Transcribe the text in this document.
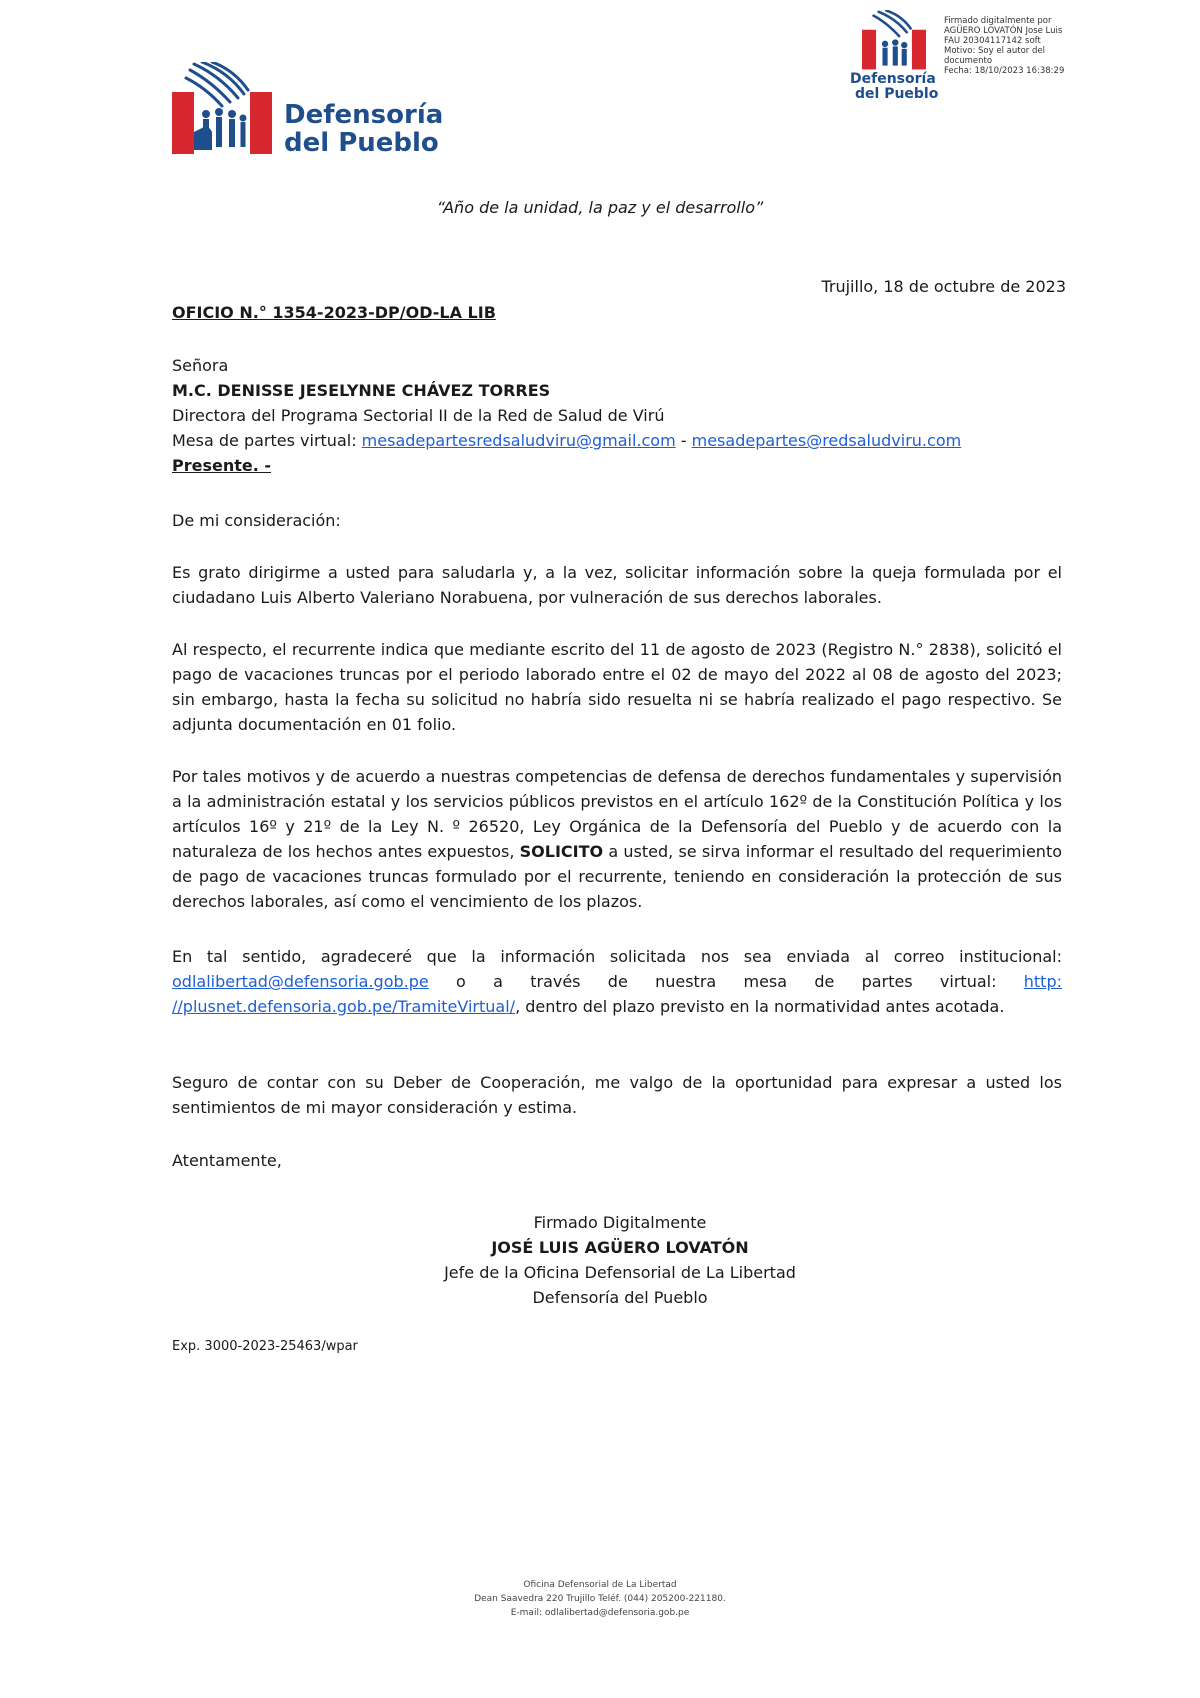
Defensoría
del Pueblo
Defensoría
del Pueblo
Firmado digitalmente por
AGÜERO LOVATÓN Jose Luis
FAU 20304117142 soft
Motivo: Soy el autor del
documento
Fecha: 18/10/2023 16:38:29
“Año de la unidad, la paz y el desarrollo”
Trujillo, 18 de octubre de 2023
OFICIO N.° 1354-2023-DP/OD-LA LIB
Señora
M.C. DENISSE JESELYNNE CHÁVEZ TORRES
Directora del Programa Sectorial II de la Red de Salud de Virú
Mesa de partes virtual: mesadepartesredsaludviru@gmail.com - mesadepartes@redsaludviru.com
Presente. -
De mi consideración:
Es grato dirigirme a usted para saludarla y, a la vez, solicitar información sobre la queja formulada por el ciudadano Luis Alberto Valeriano Norabuena, por vulneración de sus derechos laborales.
Al respecto, el recurrente indica que mediante escrito del 11 de agosto de 2023 (Registro N.° 2838), solicitó el pago de vacaciones truncas por el periodo laborado entre el 02 de mayo del 2022 al 08 de agosto del 2023; sin embargo, hasta la fecha su solicitud no habría sido resuelta ni se habría realizado el pago respectivo. Se adjunta documentación en 01 folio.
Por tales motivos y de acuerdo a nuestras competencias de defensa de derechos fundamentales y supervisión a la administración estatal y los servicios públicos previstos en el artículo 162º de la Constitución Política y los artículos 16º y 21º de la Ley N. º 26520, Ley Orgánica de la Defensoría del Pueblo y de acuerdo con la naturaleza de los hechos antes expuestos, SOLICITO a usted, se sirva informar el resultado del requerimiento de pago de vacaciones truncas formulado por el recurrente, teniendo en consideración la protección de sus derechos laborales, así como el vencimiento de los plazos.
En tal sentido, agradeceré que la información solicitada nos sea enviada al correo institucional: odlalibertad@defensoria.gob.pe o a través de nuestra mesa de partes virtual: http: //plusnet.defensoria.gob.pe/TramiteVirtual/, dentro del plazo previsto en la normatividad antes acotada.
Seguro de contar con su Deber de Cooperación, me valgo de la oportunidad para expresar a usted los sentimientos de mi mayor consideración y estima.
Atentamente,
Firmado Digitalmente
JOSÉ LUIS AGÜERO LOVATÓN
Jefe de la Oficina Defensorial de La Libertad
Defensoría del Pueblo
Exp. 3000-2023-25463/wpar
Oficina Defensorial de La Libertad
Dean Saavedra 220 Trujillo Teléf. (044) 205200-221180.
E-mail: odlalibertad@defensoria.gob.pe
